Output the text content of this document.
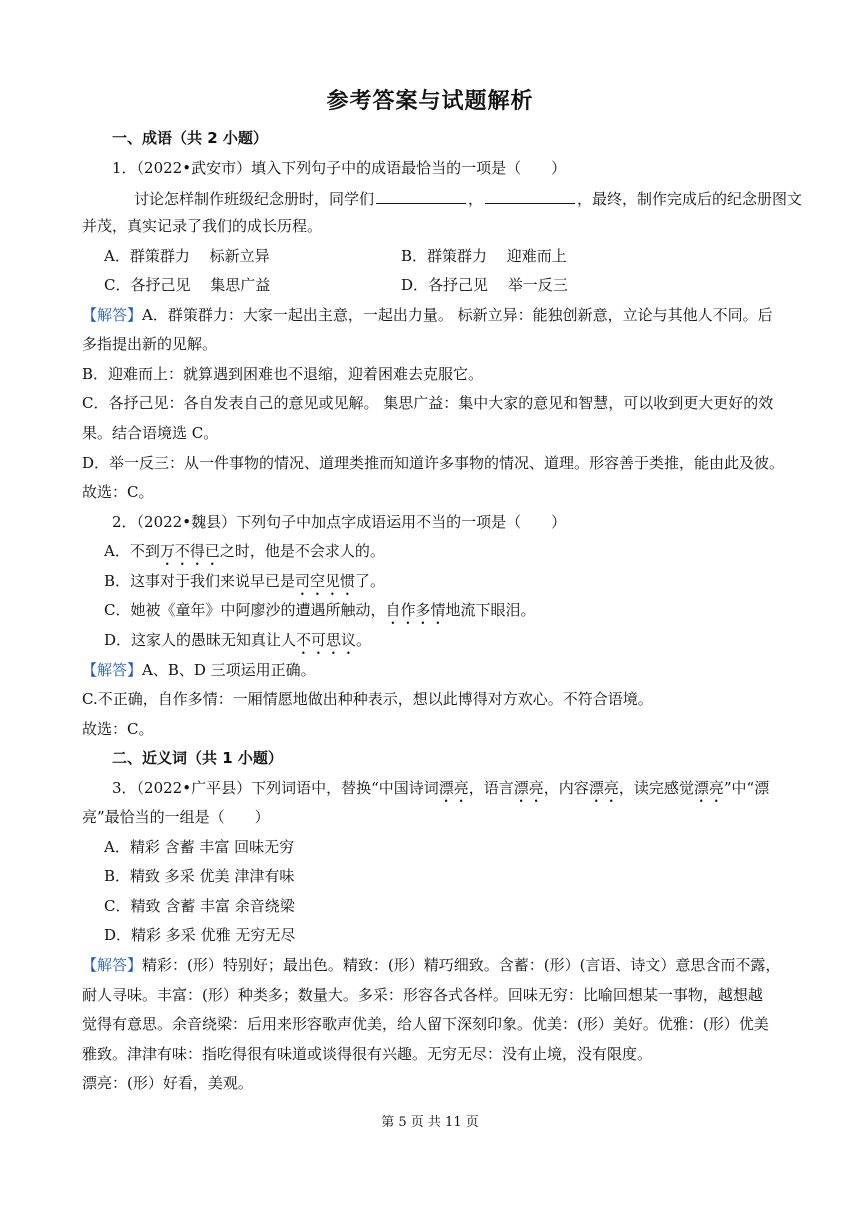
参考答案与试题解析
一、成语（共 2 小题）
1．（2022•武安市）填入下列句子中的成语最恰当的一项是（　　）
讨论怎样制作班级纪念册时，同学们	，	，最终，制作完成后的纪念册图文
并茂，真实记录了我们的成长历程。
A．群策群力　 标新立异	B．群策群力　 迎难而上
C．各抒己见　 集思广益	D．各抒己见　 举一反三
【解答】A．群策群力：大家一起出主意，一起出力量。 标新立异：能独创新意，立论与其他人不同。后
多指提出新的见解。
B．迎难而上：就算遇到困难也不退缩，迎着困难去克服它。
C．各抒己见：各自发表自己的意见或见解。 集思广益：集中大家的意见和智慧，可以收到更大更好的效
果。结合语境选 C。
D．举一反三：从一件事物的情况、道理类推而知道许多事物的情况、道理。形容善于类推，能由此及彼。
故选：C。
2．（2022•魏县）下列句子中加点字成语运用不当的一项是（　　）
A．不到万不得已之时，他是不会求人的。
B．这事对于我们来说早已是司空见惯了。
C．她被《童年》中阿廖沙的遭遇所触动，自作多情地流下眼泪。
D．这家人的愚昧无知真让人不可思议。
【解答】A、B、D 三项运用正确。
C.不正确，自作多情：一厢情愿地做出种种表示，想以此博得对方欢心。不符合语境。
故选：C。
二、近义词（共 1 小题）
3．（2022•广平县）下列词语中，替换“中国诗词漂亮，语言漂亮，内容漂亮，读完感觉漂亮”中“漂
亮”最恰当的一组是（　　）
A．精彩 含蓄 丰富 回味无穷
B．精致 多采 优美 津津有味
C．精致 含蓄 丰富 余音绕梁
D．精彩 多采 优雅 无穷无尽
【解答】精彩：(形）特别好；最出色。精致：(形）精巧细致。含蓄：(形）(言语、诗文）意思含而不露，
耐人寻味。丰富：(形）种类多；数量大。多采：形容各式各样。回味无穷：比喻回想某一事物，越想越
觉得有意思。余音绕梁：后用来形容歌声优美，给人留下深刻印象。优美：(形）美好。优雅：(形）优美
雅致。津津有味：指吃得很有味道或谈得很有兴趣。无穷无尽：没有止境，没有限度。
漂亮：(形）好看，美观。
第 5 页 共 11 页
